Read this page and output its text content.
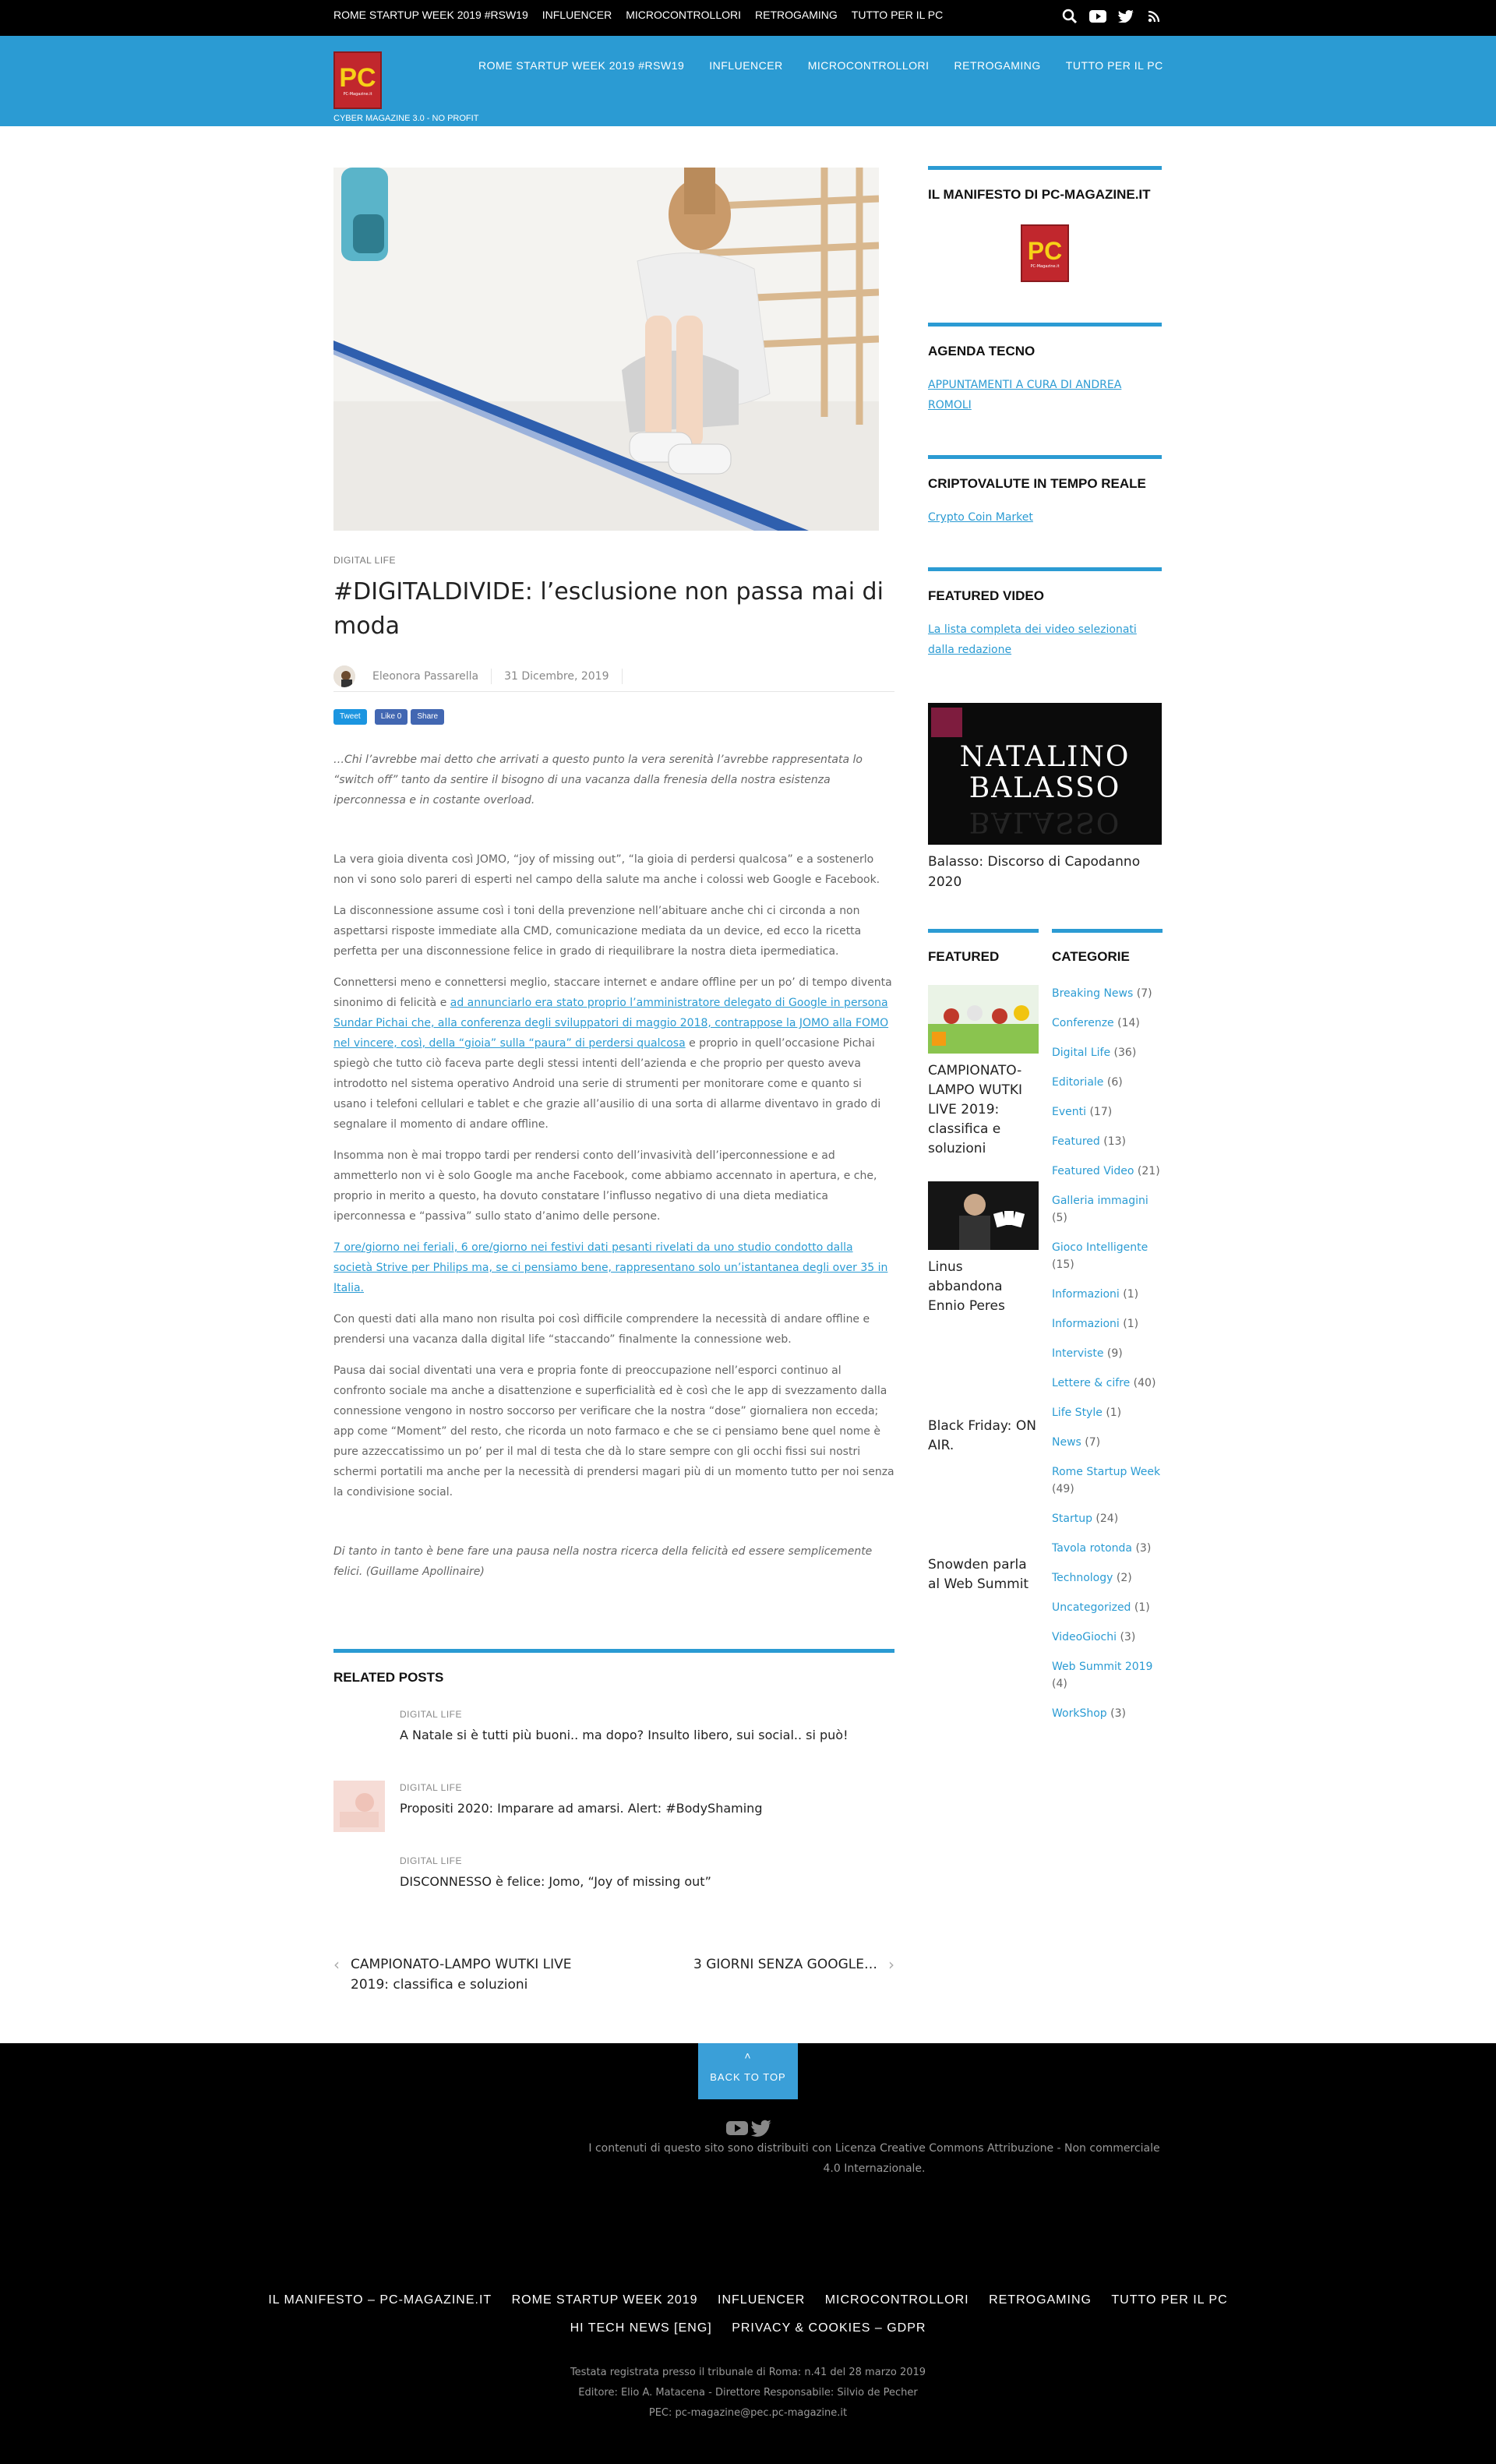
ROME STARTUP WEEK 2019 #RSW19 INFLUENCER MICROCONTROLLORI RETROGAMING TUTTO PER IL PC
PC
PC-Magazine.it
CYBER MAGAZINE 3.0 - NO PROFIT
ROME STARTUP WEEK 2019 #RSW19 INFLUENCER MICROCONTROLLORI RETROGAMING TUTTO PER IL PC
DIGITAL LIFE
#DIGITALDIVIDE: l’esclusione non passa mai di moda
Eleonora Passarella 31 Dicembre, 2019
Tweet	Like 0	Share

…Chi l’avrebbe mai detto che arrivati a questo punto la vera serenità l’avrebbe rappresentata lo “switch off” tanto da sentire il bisogno di una vacanza dalla frenesia della nostra esistenza iperconnessa e in costante overload.

La vera gioia diventa così JOMO, “joy of missing out”, “la gioia di perdersi qualcosa” e a sostenerlo non vi sono solo pareri di esperti nel campo della salute ma anche i colossi web Google e Facebook.

La disconnessione assume così i toni della prevenzione nell’abituare anche chi ci circonda a non aspettarsi risposte immediate alla CMD, comunicazione mediata da un device, ed ecco la ricetta perfetta per una disconnessione felice in grado di riequilibrare la nostra dieta ipermediatica.

Connettersi meno e connettersi meglio, staccare internet e andare offline per un po’ di tempo diventa sinonimo di felicità e ad annunciarlo era stato proprio l’amministratore delegato di Google in persona Sundar Pichai che, alla conferenza degli sviluppatori di maggio 2018, contrappose la JOMO alla FOMO nel vincere, così, della “gioia” sulla “paura” di perdersi qualcosa e proprio in quell’occasione Pichai spiegò che tutto ciò faceva parte degli stessi intenti dell’azienda e che proprio per questo aveva introdotto nel sistema operativo Android una serie di strumenti per monitorare come e quanto si usano i telefoni cellulari e tablet e che grazie all’ausilio di una sorta di allarme diventavo in grado di segnalare il momento di andare offline.

Insomma non è mai troppo tardi per rendersi conto dell’invasività dell’iperconnessione e ad ammetterlo non vi è solo Google ma anche Facebook, come abbiamo accennato in apertura, e che, proprio in merito a questo, ha dovuto constatare l’influsso negativo di una dieta mediatica iperconnessa e “passiva” sullo stato d’animo delle persone.

7 ore/giorno nei feriali, 6 ore/giorno nei festivi dati pesanti rivelati da uno studio condotto dalla società Strive per Philips ma, se ci pensiamo bene, rappresentano solo un’istantanea degli over 35 in Italia.

Con questi dati alla mano non risulta poi così difficile comprendere la necessità di andare offline e prendersi una vacanza dalla digital life “staccando” finalmente la connessione web.

Pausa dai social diventati una vera e propria fonte di preoccupazione nell’esporci continuo al confronto sociale ma anche a disattenzione e superficialità ed è così che le app di svezzamento dalla connessione vengono in nostro soccorso per verificare che la nostra “dose” giornaliera non ecceda; app come “Moment” del resto, che ricorda un noto farmaco e che se ci pensiamo bene quel nome è pure azzeccatissimo un po’ per il mal di testa che dà lo stare sempre con gli occhi fissi sui nostri schermi portatili ma anche per la necessità di prendersi magari più di un momento tutto per noi senza la condivisione social.

Di tanto in tanto è bene fare una pausa nella nostra ricerca della felicità ed essere semplicemente felici. (Guillame Apollinaire)

RELATED POSTS
DIGITAL LIFE
A Natale si è tutti più buoni.. ma dopo? Insulto libero, sui social.. si può!
DIGITAL LIFE
Propositi 2020: Imparare ad amarsi. Alert: #BodyShaming
DIGITAL LIFE
DISCONNESSO è felice: Jomo, “Joy of missing out”
‹ CAMPIONATO-LAMPO WUTKI LIVE 2019: classifica e soluzioni
›
3 GIORNI SENZA GOOGLE…
IL MANIFESTO DI PC-MAGAZINE.IT
PC
PC-Magazine.it
AGENDA TECNO
APPUNTAMENTI A CURA DI ANDREA ROMOLI
CRIPTOVALUTE IN TEMPO REALE
Crypto Coin Market
FEATURED VIDEO
La lista completa dei video selezionati dalla redazione
NATALINO
BALASSO
BALASSO
Balasso: Discorso di Capodanno 2020
FEATURED	CATEGORIE
CAMPIONATO-LAMPO WUTKI LIVE 2019: classifica e soluzioni
Linus abbandona Ennio Peres
Black Friday: ON AIR.
Snowden parla al Web Summit
Breaking News (7)
Conferenze (14)
Digital Life (36)
Editoriale (6)
Eventi (17)
Featured (13)
Featured Video (21)
Galleria immagini (5)
Gioco Intelligente (15)
Informazioni (1)
Informazioni (1)
Interviste (9)
Lettere & cifre (40)
Life Style (1)
News (7)
Rome Startup Week (49)
Startup (24)
Tavola rotonda (3)
Technology (2)
Uncategorized (1)
VideoGiochi (3)
Web Summit 2019 (4)
WorkShop (3)
˄
BACK TO TOP
I contenuti di questo sito sono distribuiti con Licenza Creative Commons Attribuzione - Non commerciale 4.0 Internazionale.
IL MANIFESTO – PC-MAGAZINE.IT ROME STARTUP WEEK 2019 INFLUENCER MICROCONTROLLORI RETROGAMING TUTTO PER IL PC
HI TECH NEWS [ENG] PRIVACY & COOKIES – GDPR
Testata registrata presso il tribunale di Roma: n.41 del 28 marzo 2019
Editore: Elio A. Matacena - Direttore Responsabile: Silvio de Pecher
PEC: pc-magazine@pec.pc-magazine.it
